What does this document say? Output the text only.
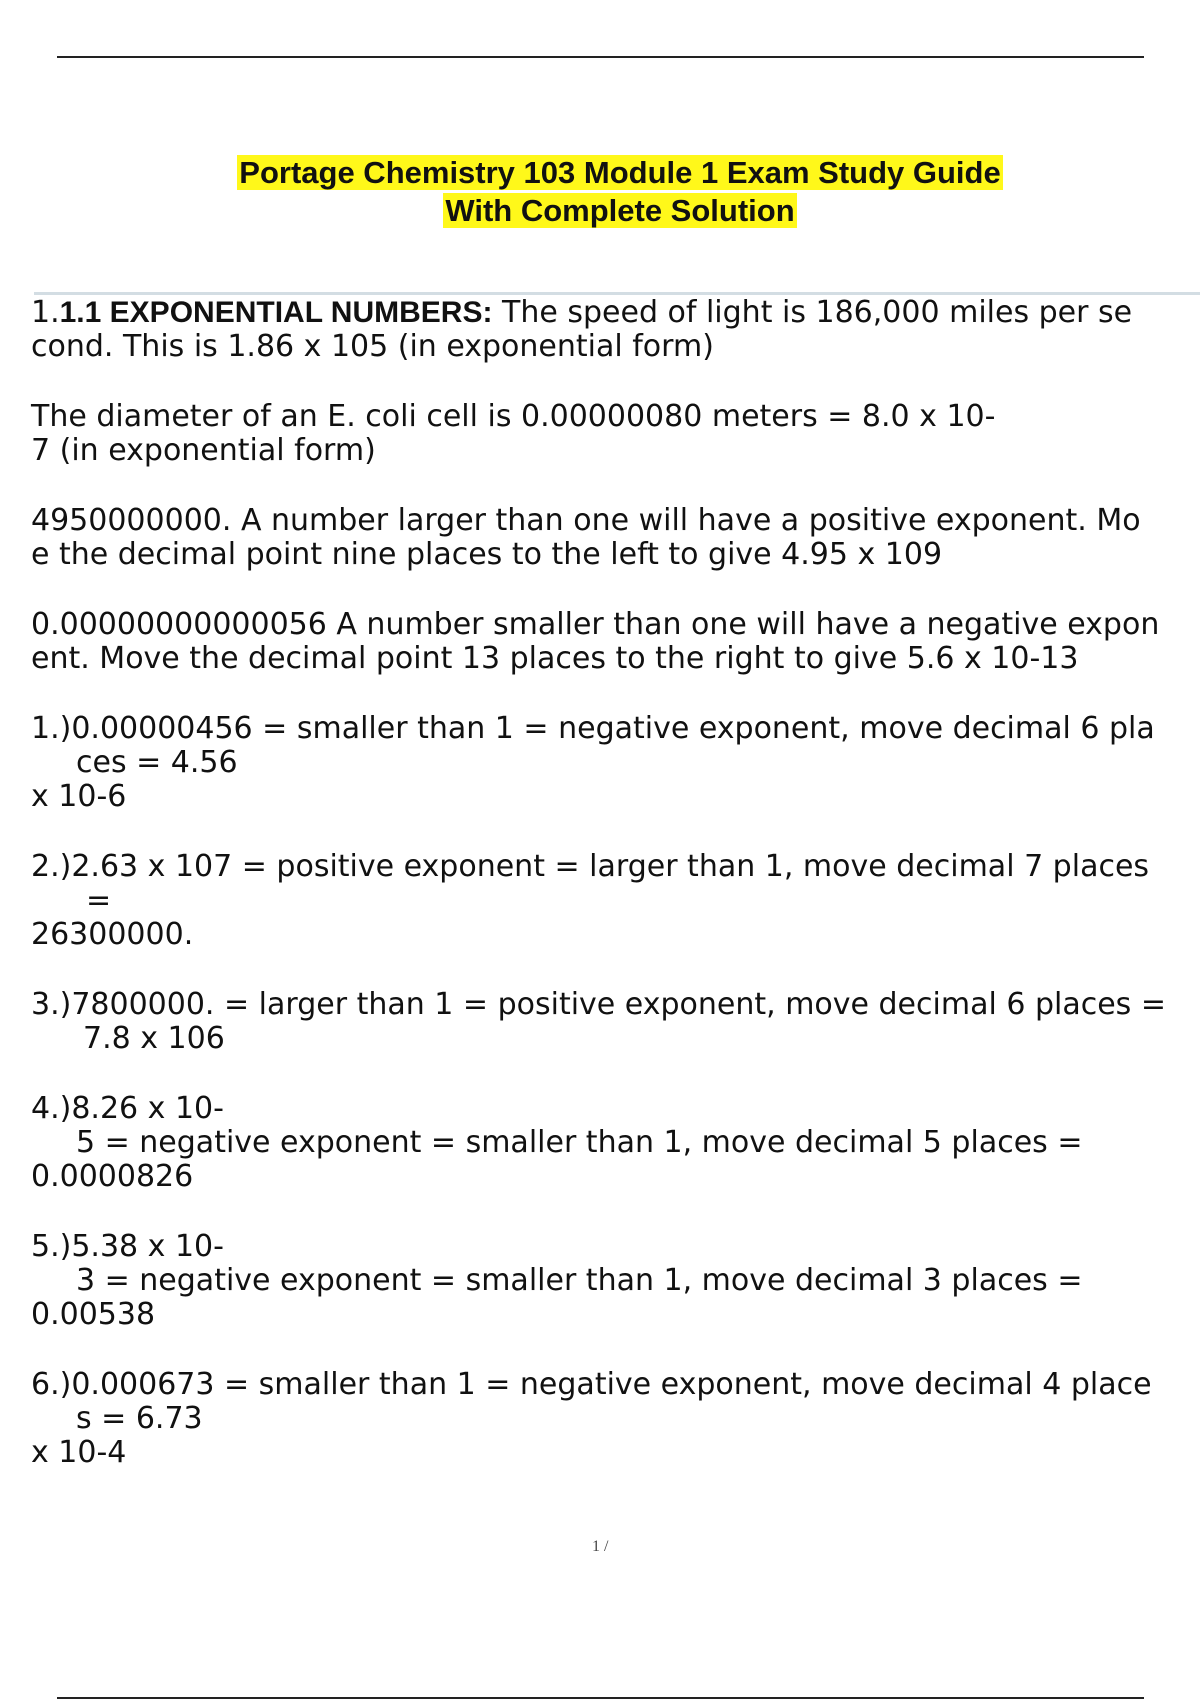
Portage Chemistry 103 Module 1 Exam Study Guide
With Complete Solution

1.1.1 EXPONENTIAL NUMBERS: The speed of light is 186,000 miles per se
cond. This is 1.86 x 105 (in exponential form)

The diameter of an E. coli cell is 0.00000080 meters = 8.0 x 10-
7 (in exponential form)

4950000000. A number larger than one will have a positive exponent. Mo
e the decimal point nine places to the left to give 4.95 x 109

0.00000000000056 A number smaller than one will have a negative expon
ent. Move the decimal point 13 places to the right to give 5.6 x 10-13

1.)0.00000456 = smaller than 1 = negative exponent, move decimal 6 pla
ces = 4.56
x 10-6
2.)2.63 x 107 = positive exponent = larger than 1, move decimal 7 places
=
26300000.
3.)7800000. = larger than 1 = positive exponent, move decimal 6 places =
7.8 x 106
4.)8.26 x 10-
5 = negative exponent = smaller than 1, move decimal 5 places =
0.0000826
5.)5.38 x 10-
3 = negative exponent = smaller than 1, move decimal 3 places =
0.00538
6.)0.000673 = smaller than 1 = negative exponent, move decimal 4 place
s = 6.73
x 10-4
1 /
